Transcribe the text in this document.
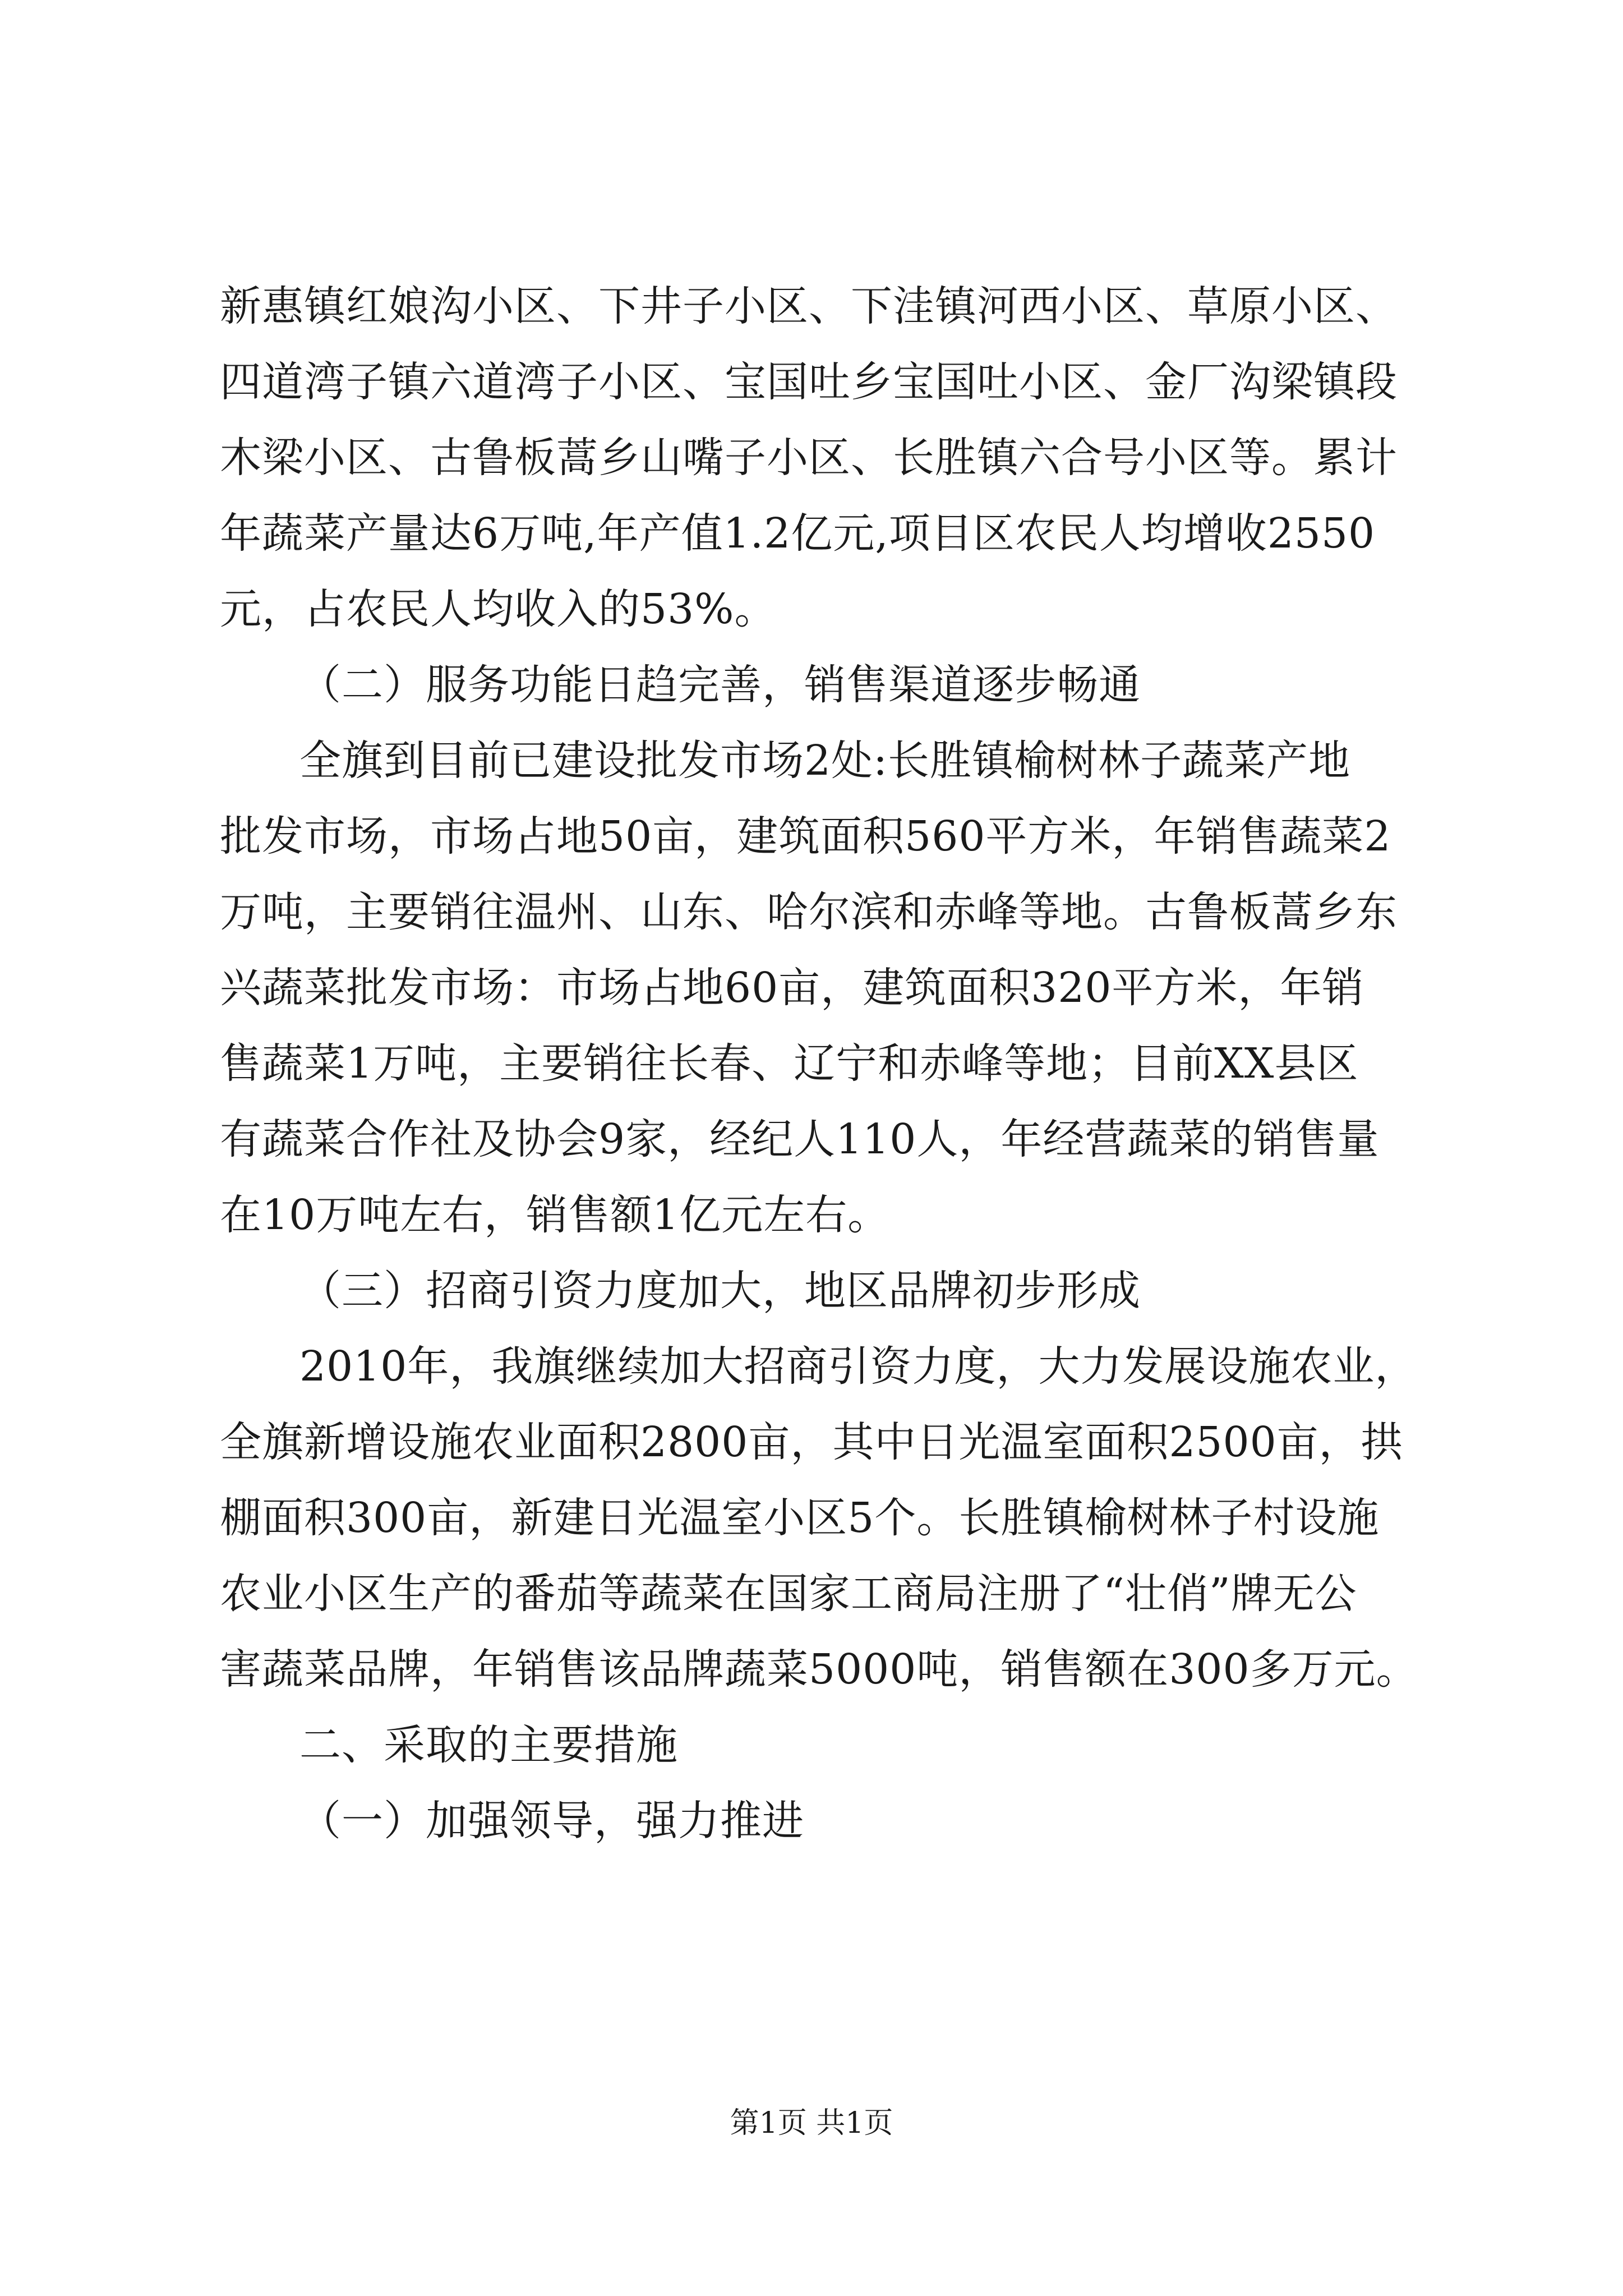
新惠镇红娘沟小区、下井子小区、下洼镇河西小区、草原小区、
四道湾子镇六道湾子小区、宝国吐乡宝国吐小区、金厂沟梁镇段
木梁小区、古鲁板蒿乡山嘴子小区、长胜镇六合号小区等。累计
年蔬菜产量达6万吨,年产值1.2亿元,项目区农民人均增收2550
元，占农民人均收入的53%。
（二）服务功能日趋完善，销售渠道逐步畅通
全旗到目前已建设批发市场2处:长胜镇榆树林子蔬菜产地
批发市场，市场占地50亩，建筑面积560平方米，年销售蔬菜2
万吨，主要销往温州、山东、哈尔滨和赤峰等地。古鲁板蒿乡东
兴蔬菜批发市场：市场占地60亩，建筑面积320平方米，年销
售蔬菜1万吨，主要销往长春、辽宁和赤峰等地；目前XX县区
有蔬菜合作社及协会9家，经纪人110人，年经营蔬菜的销售量
在10万吨左右，销售额1亿元左右。
（三）招商引资力度加大，地区品牌初步形成
2010年，我旗继续加大招商引资力度，大力发展设施农业，
全旗新增设施农业面积2800亩，其中日光温室面积2500亩，拱
棚面积300亩，新建日光温室小区5个。长胜镇榆树林子村设施
农业小区生产的番茄等蔬菜在国家工商局注册了“壮俏”牌无公
害蔬菜品牌，年销售该品牌蔬菜5000吨，销售额在300多万元。
二、采取的主要措施
（一）加强领导，强力推进
第1页 共1页
